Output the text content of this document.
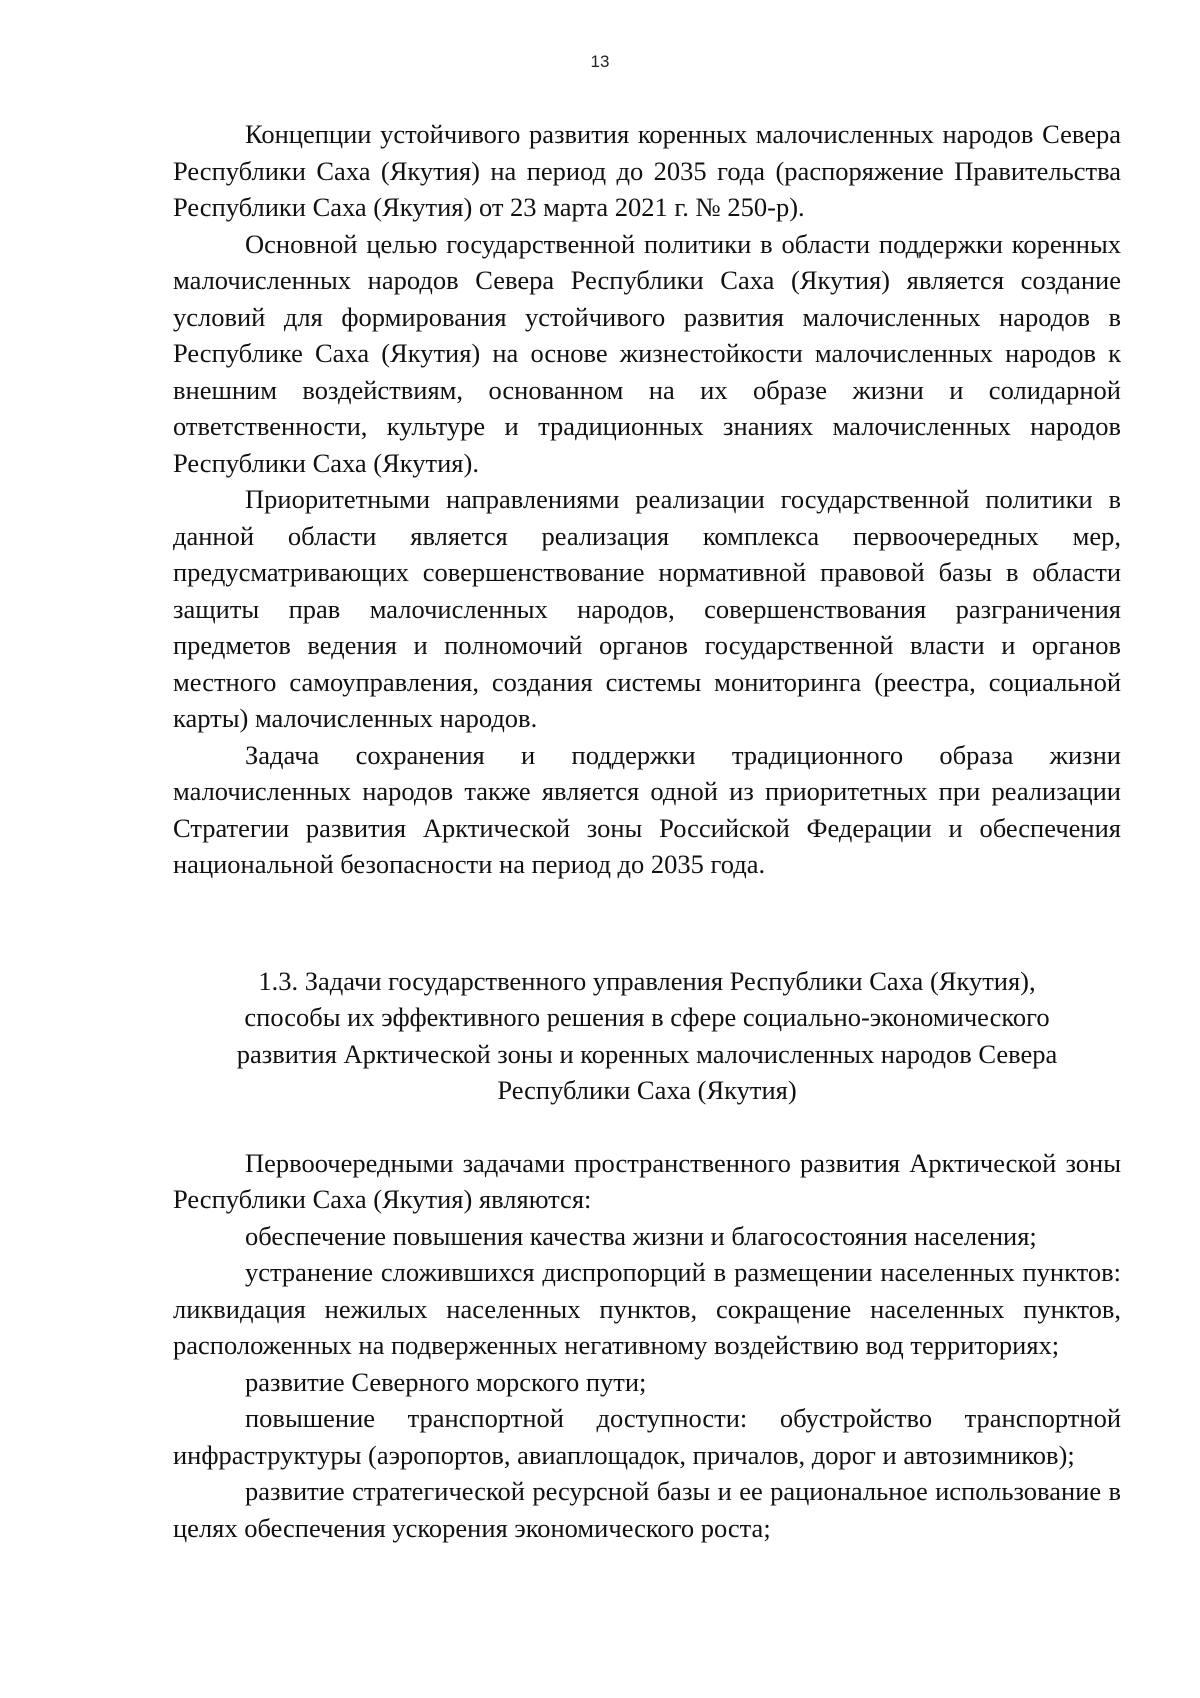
13

Концепции устойчивого развития коренных малочисленных народов Севера Республики Саха (Якутия) на период до 2035 года (распоряжение Правительства Республики Саха (Якутия) от 23 марта 2021 г. № 250-р).

Основной целью государственной политики в области поддержки коренных малочисленных народов Севера Республики Саха (Якутия) является создание условий для формирования устойчивого развития малочисленных народов в Республике Саха (Якутия) на основе жизнестойкости малочисленных народов к внешним воздействиям, основанном на их образе жизни и солидарной ответственности, культуре и традиционных знаниях малочисленных народов Республики Саха (Якутия).

Приоритетными направлениями реализации государственной политики в данной области является реализация комплекса первоочередных мер, предусматривающих совершенствование нормативной правовой базы в области защиты прав малочисленных народов, совершенствования разграничения предметов ведения и полномочий органов государственной власти и органов местного самоуправления, создания системы мониторинга (реестра, социальной карты) малочисленных народов.

Задача сохранения и поддержки традиционного образа жизни малочисленных народов также является одной из приоритетных при реализации Стратегии развития Арктической зоны Российской Федерации и обеспечения национальной безопасности на период до 2035 года.

1.3. Задачи государственного управления Республики Саха (Якутия),
способы их эффективного решения в сфере социально-экономического
развития Арктической зоны и коренных малочисленных народов Севера
Республики Саха (Якутия)

Первоочередными задачами пространственного развития Арктической зоны Республики Саха (Якутия) являются:

обеспечение повышения качества жизни и благосостояния населения;

устранение сложившихся диспропорций в размещении населенных пунктов: ликвидация нежилых населенных пунктов, сокращение населенных пунктов, расположенных на подверженных негативному воздействию вод территориях;

развитие Северного морского пути;

повышение транспортной доступности: обустройство транспортной инфраструктуры (аэропортов, авиаплощадок, причалов, дорог и автозимников);

развитие стратегической ресурсной базы и ее рациональное использование в целях обеспечения ускорения экономического роста;
